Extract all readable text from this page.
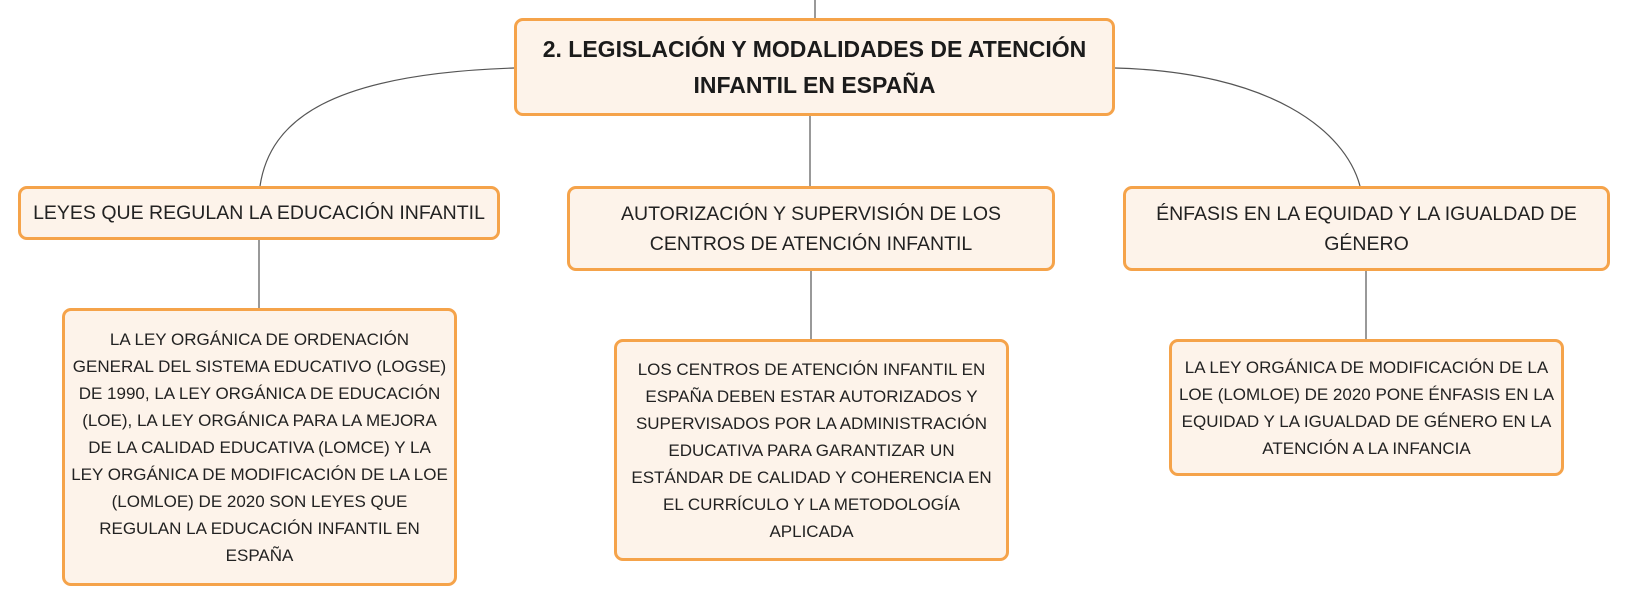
2. LEGISLACIÓN Y MODALIDADES DE ATENCIÓN INFANTIL EN ESPAÑA
LEYES QUE REGULAN LA EDUCACIÓN INFANTIL	AUTORIZACIÓN Y SUPERVISIÓN DE LOS CENTROS DE ATENCIÓN INFANTIL
ÉNFASIS EN LA EQUIDAD Y LA IGUALDAD DE GÉNERO
LA LEY ORGÁNICA DE ORDENACIÓN GENERAL DEL SISTEMA EDUCATIVO (LOGSE) DE 1990, LA LEY ORGÁNICA DE EDUCACIÓN (LOE), LA LEY ORGÁNICA PARA LA MEJORA DE LA CALIDAD EDUCATIVA (LOMCE) Y LA LEY ORGÁNICA DE MODIFICACIÓN DE LA LOE (LOMLOE) DE 2020 SON LEYES QUE REGULAN LA EDUCACIÓN INFANTIL EN ESPAÑA
LOS CENTROS DE ATENCIÓN INFANTIL EN ESPAÑA DEBEN ESTAR AUTORIZADOS Y SUPERVISADOS POR LA ADMINISTRACIÓN EDUCATIVA PARA GARANTIZAR UN ESTÁNDAR DE CALIDAD Y COHERENCIA EN EL CURRÍCULO Y LA METODOLOGÍA APLICADA
LA LEY ORGÁNICA DE MODIFICACIÓN DE LA LOE (LOMLOE) DE 2020 PONE ÉNFASIS EN LA EQUIDAD Y LA IGUALDAD DE GÉNERO EN LA ATENCIÓN A LA INFANCIA
